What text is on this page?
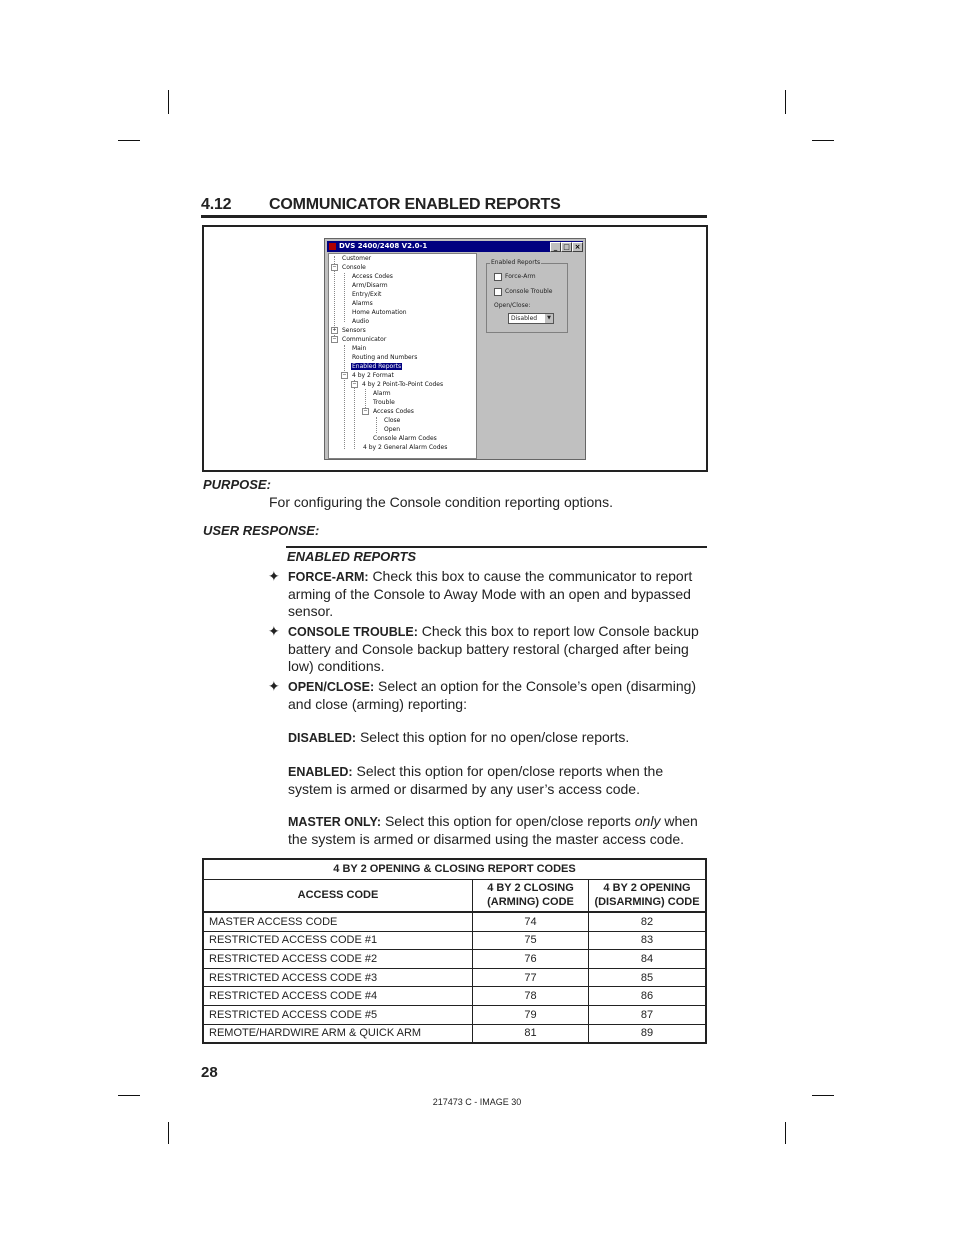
4.12 COMMUNICATOR ENABLED REPORTS
DVS 2400/2408 V2.0-1	_ □ ×
Customer
− Console
Access Codes
Arm/Disarm
Entry/Exit
Alarms
Home Automation
Audio
+ Sensors
− Communicator
Main
Routing and Numbers
Enabled Reports
− 4 by 2 Format
− 4 by 2 Point-To-Point Codes
Alarm
Trouble
− Access Codes
Close
Open
Console Alarm Codes
4 by 2 General Alarm Codes
Enabled Reports
Force-Arm
Console Trouble
Open/Close:
Disabled	▼
PURPOSE:
For configuring the Console condition reporting options.
USER RESPONSE:
ENABLED REPORTS
✦ FORCE-ARM: Check this box to cause the communicator to report arming of the Console to Away Mode with an open and bypassed sensor.
✦ CONSOLE TROUBLE: Check this box to report low Console backup battery and Console backup battery restoral (charged after being low) conditions.
✦ OPEN/CLOSE: Select an option for the Console’s open (disarming) and close (arming) reporting:
DISABLED: Select this option for no open/close reports.
ENABLED: Select this option for open/close reports when the system is armed or disarmed by any user’s access code.
MASTER ONLY: Select this option for open/close reports only when the system is armed or disarmed using the master access code.
4 BY 2 OPENING & CLOSING REPORT CODES		
ACCESS CODE	4 BY 2 CLOSING (ARMING) CODE	4 BY 2 OPENING (DISARMING) CODE
MASTER ACCESS CODE	74	82
RESTRICTED ACCESS CODE #1	75	83
RESTRICTED ACCESS CODE #2	76	84
RESTRICTED ACCESS CODE #3	77	85
RESTRICTED ACCESS CODE #4	78	86
RESTRICTED ACCESS CODE #5	79	87
REMOTE/HARDWIRE ARM & QUICK ARM	81	89
28
217473 C - IMAGE 30
